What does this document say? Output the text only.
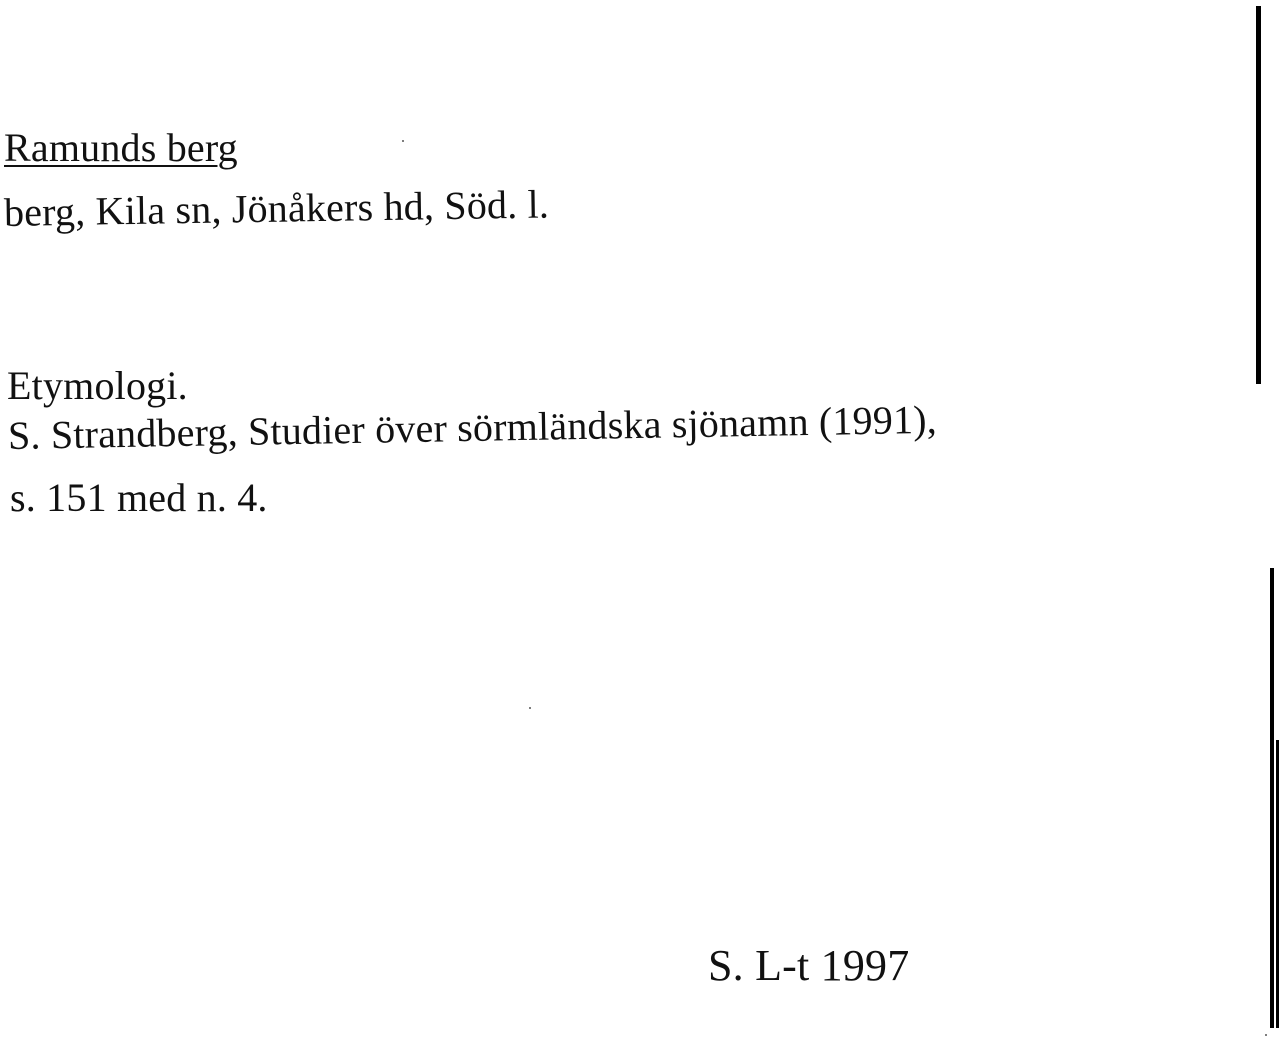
Ramunds berg
berg, Kila sn, Jönåkers hd, Söd. l.
Etymologi.
S. Strandberg, Studier över sörmländska sjönamn (1991),
s. 151 med n. 4.
S. L-t 1997
